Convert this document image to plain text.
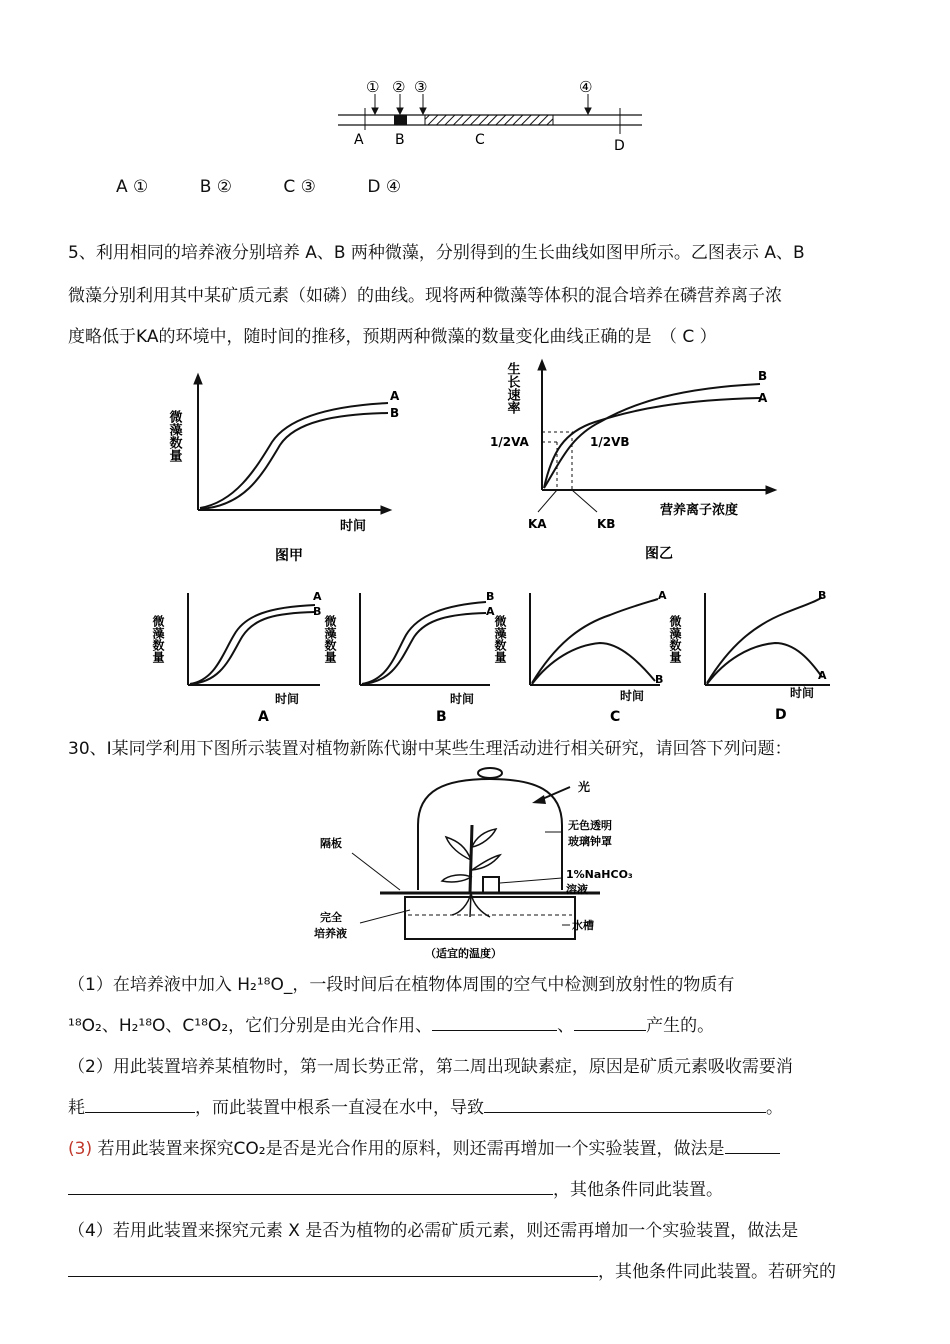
① ② ③	④
A B	C	D
A ①	B ②	C ③	D ④
5、利用相同的培养液分别培养 A、B 两种微藻，分别得到的生长曲线如图甲所示。乙图表示 A、B
微藻分别利用其中某矿质元素（如磷）的曲线。现将两种微藻等体积的混合培养在磷营养离子浓
度略低于KA的环境中，随时间的推移，预期两种微藻的数量变化曲线正确的是　（ C ）
A
B
微藻数量
时间
图甲
B
A
生长速率
1/2VA	1/2VB
KA	KB
营养离子浓度
图乙
A
B
B
A
A
B
B
A
微藻数量	微藻数量	微藻数量	微藻数量
时间	时间	时间	时间
A	B	C	D
30、Ⅰ某同学利用下图所示装置对植物新陈代谢中某些生理活动进行相关研究，请回答下列问题：
光
无色透明
玻璃钟罩
隔板
1%NaHCO₃
溶液
完全
培养液
水槽
（适宜的温度）
（1）在培养液中加入 H₂¹⁸O_，一段时间后在植物体周围的空气中检测到放射性的物质有
¹⁸O₂、H₂¹⁸O、C¹⁸O₂，它们分别是由光合作用、	、	产生的。
（2）用此装置培养某植物时，第一周长势正常，第二周出现缺素症，原因是矿质元素吸收需要消
耗	，而此装置中根系一直浸在水中，导致	。
(3) 若用此装置来探究CO₂是否是光合作用的原料，则还需再增加一个实验装置，做法是
，其他条件同此装置。
（4）若用此装置来探究元素 X 是否为植物的必需矿质元素，则还需再增加一个实验装置，做法是
，其他条件同此装置。若研究的
